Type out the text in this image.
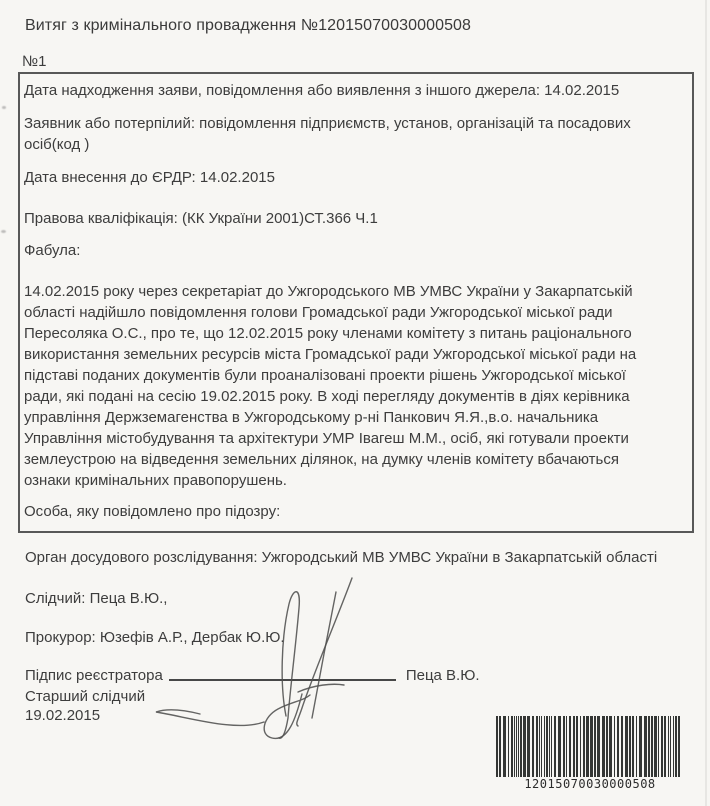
Витяг з кримінального провадження №12015070030000508
№1
Дата надходження заяви, повідомлення або виявлення з іншого джерела: 14.02.2015
Заявник або потерпілий: повідомлення підприємств, установ, організацій та посадових осіб(код )
Дата внесення до ЄРДР: 14.02.2015
Правова кваліфікація: (КК України 2001)СТ.366 Ч.1
Фабула:
14.02.2015 року через секретаріат до Ужгородського МВ УМВС України у Закарпатській області надійшло повідомлення голови Громадської ради Ужгородської міської ради Пересоляка О.С., про те, що 12.02.2015 року членами комітету з питань раціонального використання земельних ресурсів міста Громадської ради Ужгородської міської ради на підставі поданих документів були проаналізовані проекти рішень Ужгородської міської ради, які подані на сесію 19.02.2015 року. В ході перегляду документів в діях керівника управління Держземагенства в Ужгородському р-ні Панкович Я.Я.,в.о. начальника Управління містобудування та архітектури УМР Івагеш М.М., осіб, які готували проекти землеустрою на відведення земельних ділянок, на думку членів комітету вбачаються ознаки кримінальних правопорушень.
Особа, яку повідомлено про підозру:
Орган досудового розслідування: Ужгородський МВ УМВС України в Закарпатській області
Слідчий: Пеца В.Ю.,
Прокурор: Юзефів А.Р., Дербак Ю.Ю.
Підпис реєстратора	Пеца В.Ю.
Старший слідчий
19.02.2015
12015070030000508
